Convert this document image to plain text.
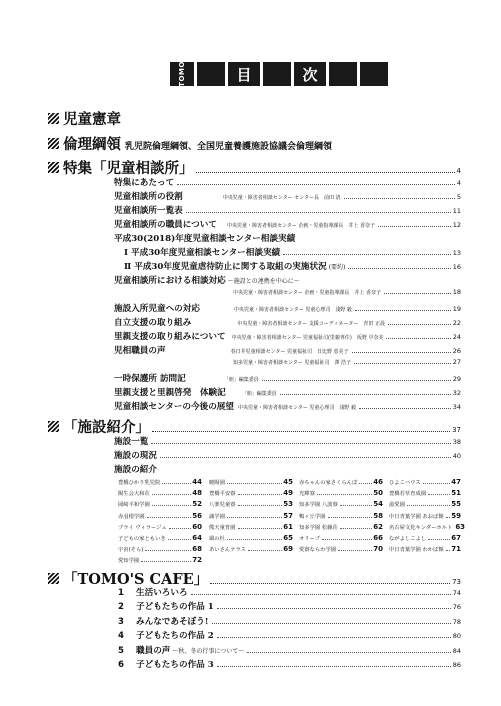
TOMO	目	次
児童憲章
倫理綱領 乳児院倫理綱領、全国児童養護施設協議会倫理綱領
特集「児童相談所」	4
特集にあたって	4
児童相談所の役割	中央児童・障害者相談センター センター長　前田 清	5
児童相談所一覧表	11
児童相談所の職員について 中央児童・障害者相談センター 企画・児童指導課長　井上 香奈子	12
平成30(2018)年度児童相談センター相談実績
Ⅰ 平成30年度児童相談センター相談実績	13
Ⅱ 平成30年度児童虐待防止に関する取組の実施状況 (要約)	16
児童相談所における相談対応 ～施設との連携を中心に～
中央児童・障害者相談センター 企画・児童指導課長　井上 香奈子	18
施設入所児童への対応	中央児童・障害者相談センター 児童心理司　浅野 毅	19
自立支援の取り組み	中央児童・障害者相談センター 支援コーディネーター　青田 正晨	22
里親支援の取り組みについて 中央児童・障害者相談センター 児童福祉司(里親専任)　坂野 早奈美	24
児相職員の声	春日井児童相談センター 児童福祉司　日比野 恵美子	26
知多児童・障害者相談センター 児童福祉司　澤 浩子	27
一時保護所 訪問記	「朋」編集委員	29
里親支援と里親啓発　体験記	「朋」編集委員	32
児童相談センターの今後の展望 中央児童・障害者相談センター 児童心理司　浅野 毅	34
「施設紹介」	37
施設一覧	38
施設の現況	40
施設の紹介
豊橋ひかり乳児院	44 暁陽園	45 赤ちゃんの家さくらんぼ 46 ひよこハウス	47
陽生会大和荘	48 豊橋平安寮	49 光輝寮	50 豊橋若草育成園	51
岡崎平和学園	52 八楽児童寮	53 知多学園 八波寮	54 滋愛園	55
赤羽根学園	56 誠学園	57 鴨ヶ丘学園	58 中日青葉学園 あおば館 59
ブライ ヴィラージュ	60 熊天童育園	61 知多学園 松籟荘	62 名古屋文化キンダーホルト 63
子どもの家ともいき	64 風の杜	65 オリーブ	66 ながよしこよし	67
宇宙(そら)	68 あいさんテラス	69 愛寮ならわ学園	70 中日青葉学園 わかば館 71
愛知学園	72
「TOMO'S CAFE」	73
1	生活いろいろ	74
2	子どもたちの作品 1	76
3	みんなであそぼう!	78
4	子どもたちの作品 2	80
5	職員の声 ～秋、冬の行事について～	84
6	子どもたちの作品 3	86
